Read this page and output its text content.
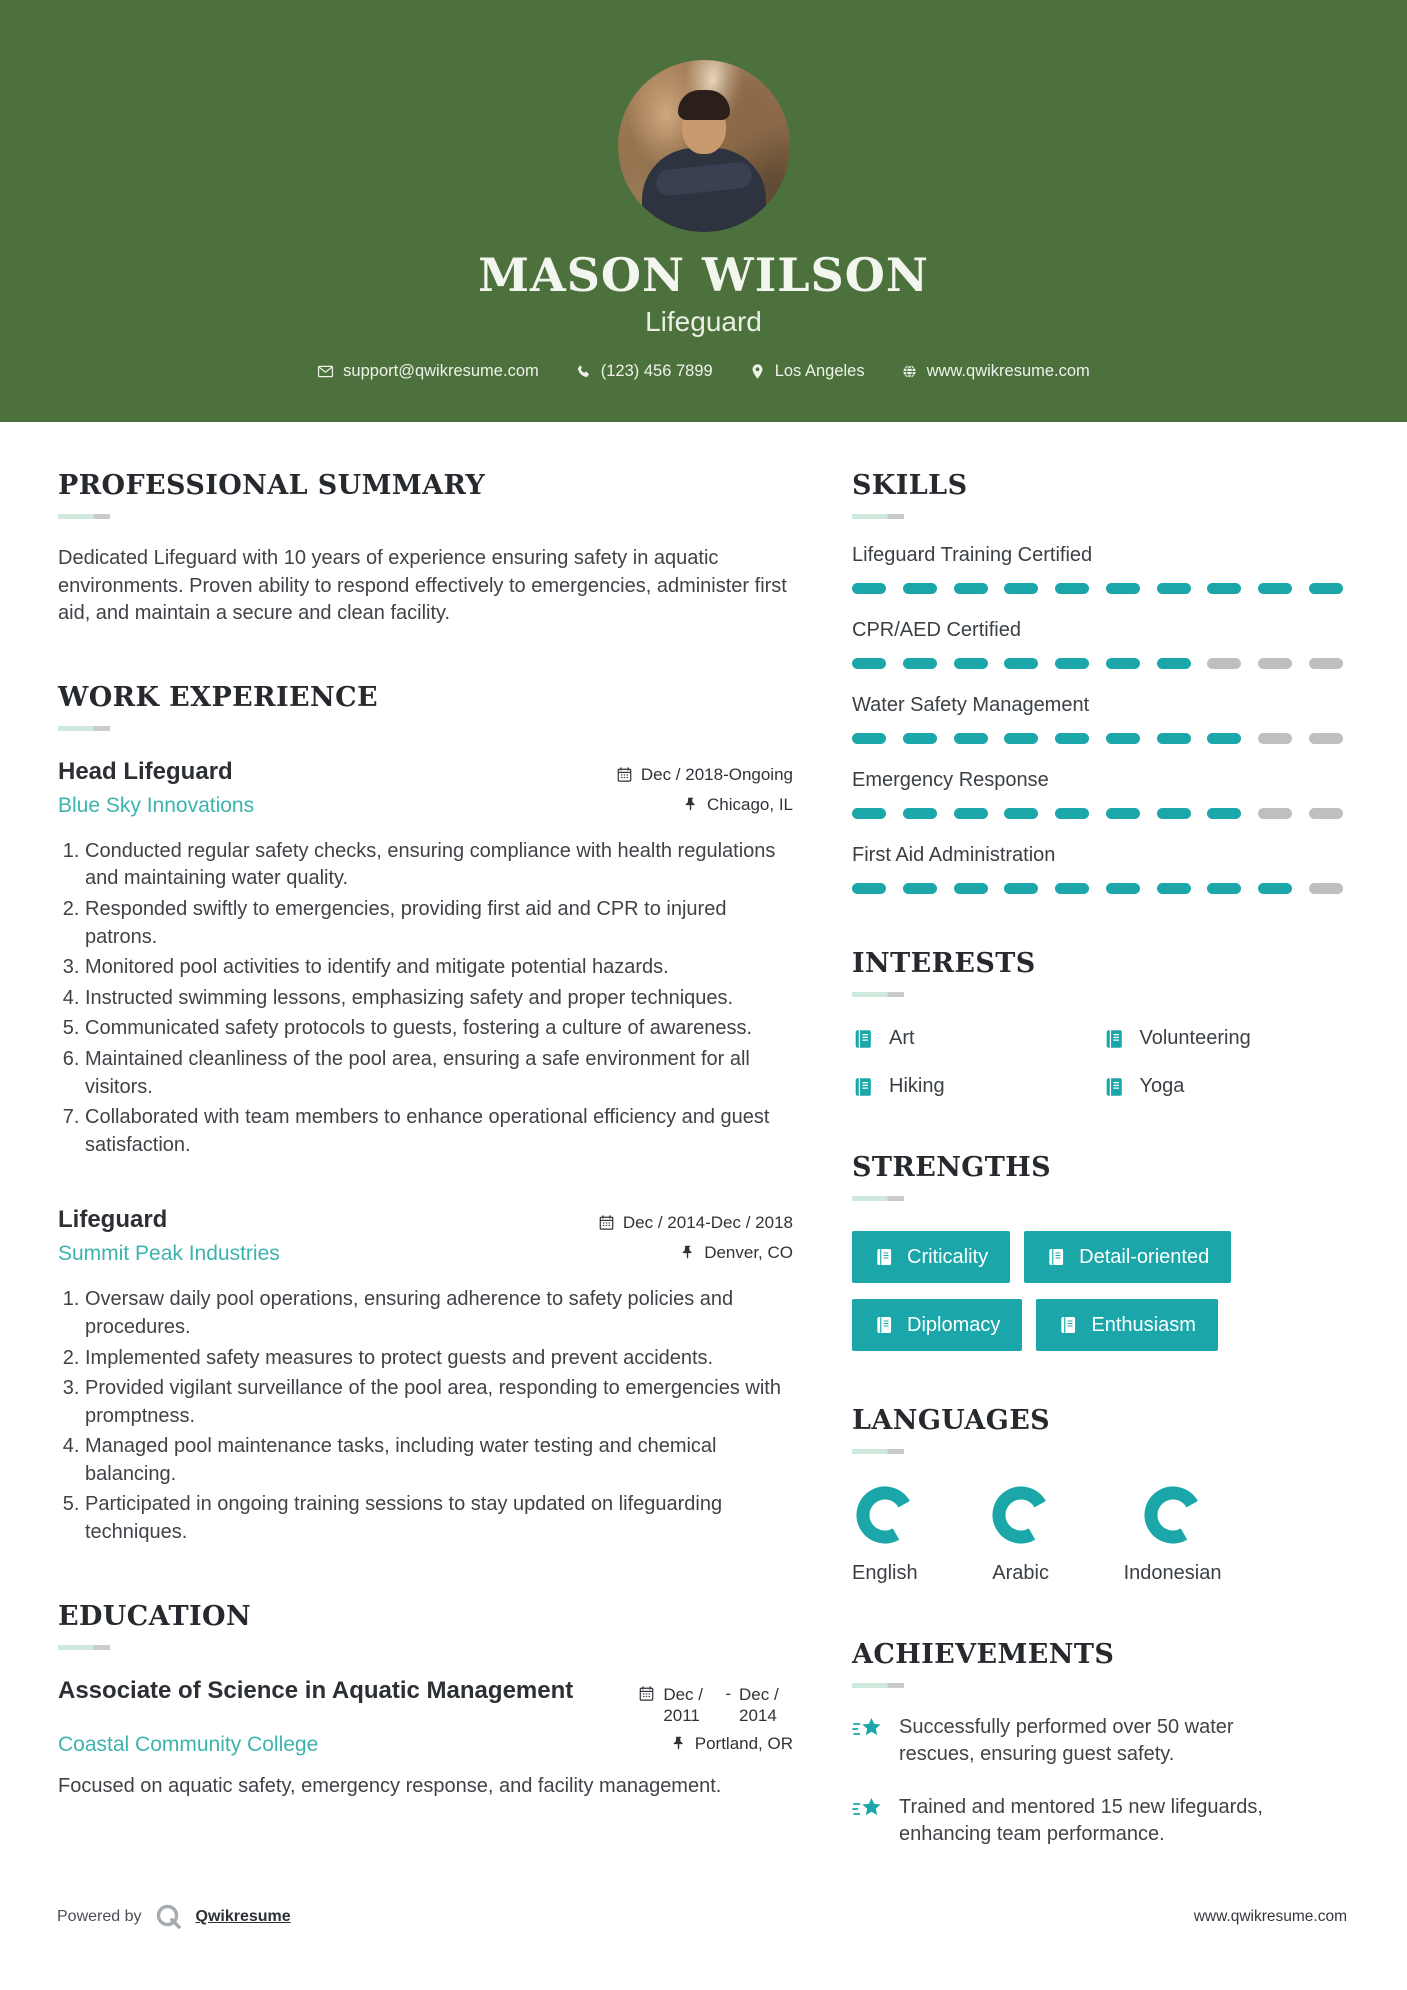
MASON WILSON
Lifeguard
support@qwikresume.com	(123) 456 7899	Los Angeles	www.qwikresume.com
PROFESSIONAL SUMMARY

Dedicated Lifeguard with 10 years of experience ensuring safety in aquatic environments. Proven ability to respond effectively to emergencies, administer first aid, and maintain a secure and clean facility.

WORK EXPERIENCE
Head Lifeguard	Dec / 2018-Ongoing
Blue Sky Innovations	Chicago, IL
1. Conducted regular safety checks, ensuring compliance with health regulations and maintaining water quality.
2. Responded swiftly to emergencies, providing first aid and CPR to injured patrons.
3. Monitored pool activities to identify and mitigate potential hazards.
4. Instructed swimming lessons, emphasizing safety and proper techniques.
5. Communicated safety protocols to guests, fostering a culture of awareness.
6. Maintained cleanliness of the pool area, ensuring a safe environment for all visitors.
7. Collaborated with team members to enhance operational efficiency and guest satisfaction.
Lifeguard	Dec / 2014-Dec / 2018
Summit Peak Industries	Denver, CO
1. Oversaw daily pool operations, ensuring adherence to safety policies and procedures.
2. Implemented safety measures to protect guests and prevent accidents.
3. Provided vigilant surveillance of the pool area, responding to emergencies with promptness.
4. Managed pool maintenance tasks, including water testing and chemical balancing.
5. Participated in ongoing training sessions to stay updated on lifeguarding techniques.
EDUCATION
Associate of Science in Aquatic Management	Dec / 2011
- Dec / 2014
Coastal Community College	Portland, OR

Focused on aquatic safety, emergency response, and facility management.

SKILLS
Lifeguard Training Certified
CPR/AED Certified
Water Safety Management
Emergency Response
First Aid Administration
INTERESTS
Art	Volunteering
Hiking	Yoga
STRENGTHS
Criticality	Detail-oriented
Diplomacy	Enthusiasm
LANGUAGES
English	Arabic	Indonesian
ACHIEVEMENTS
Successfully performed over 50 water rescues, ensuring guest safety.
Trained and mentored 15 new lifeguards, enhancing team performance.
Powered by	Qwikresume	www.qwikresume.com
